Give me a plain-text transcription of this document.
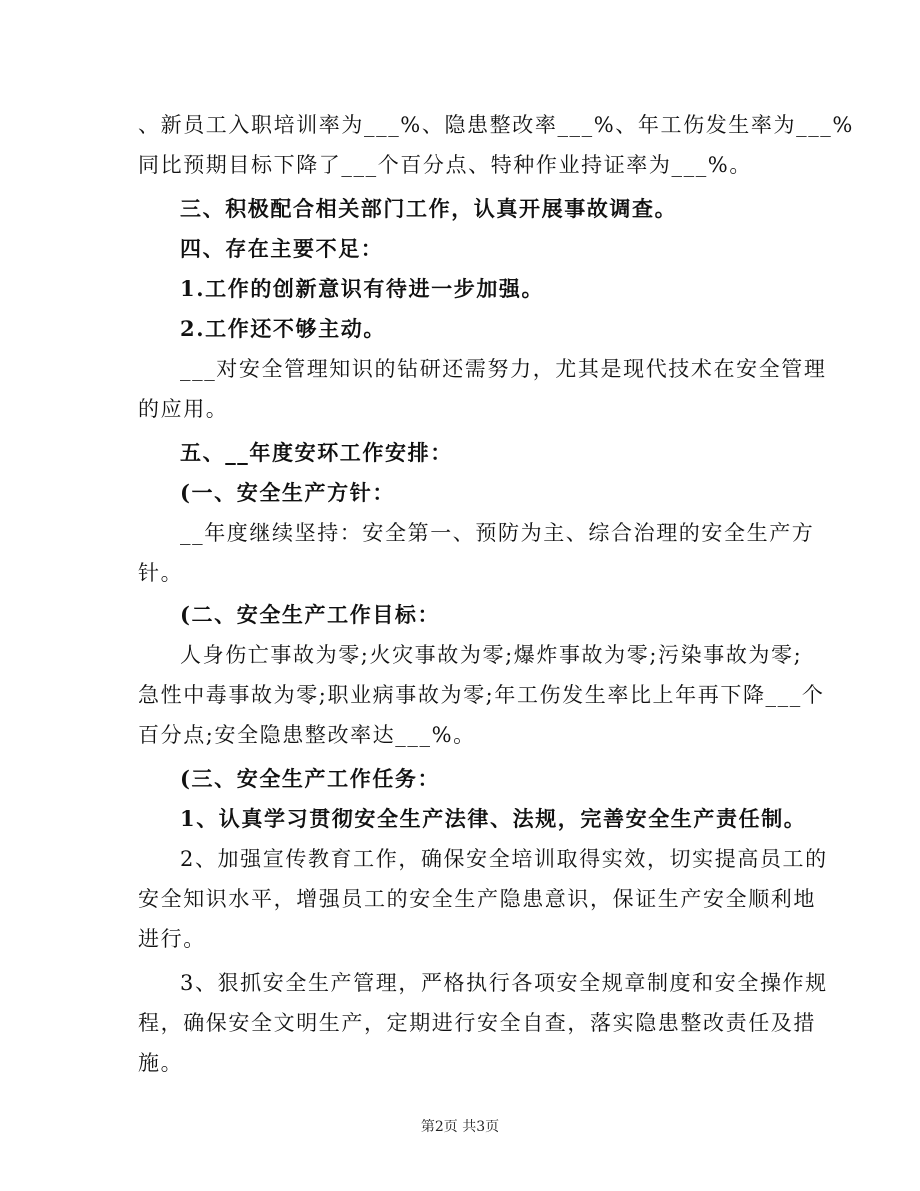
、新员工入职培训率为___%、隐患整改率___%、年工伤发生率为___%
同比预期目标下降了___个百分点、特种作业持证率为___%。
三、积极配合相关部门工作，认真开展事故调查。
四、存在主要不足：
1.工作的创新意识有待进一步加强。
2.工作还不够主动。
___对安全管理知识的钻研还需努力，尤其是现代技术在安全管理
的应用。
五、__年度安环工作安排：
(一、安全生产方针：
__年度继续坚持：安全第一、预防为主、综合治理的安全生产方
针。
(二、安全生产工作目标：
人身伤亡事故为零;火灾事故为零;爆炸事故为零;污染事故为零;
急性中毒事故为零;职业病事故为零;年工伤发生率比上年再下降___个
百分点;安全隐患整改率达___%。
(三、安全生产工作任务：
1、认真学习贯彻安全生产法律、法规，完善安全生产责任制。
2、加强宣传教育工作，确保安全培训取得实效，切实提高员工的
安全知识水平，增强员工的安全生产隐患意识，保证生产安全顺利地
进行。
3、狠抓安全生产管理，严格执行各项安全规章制度和安全操作规
程，确保安全文明生产，定期进行安全自查，落实隐患整改责任及措
施。
第2页 共3页
